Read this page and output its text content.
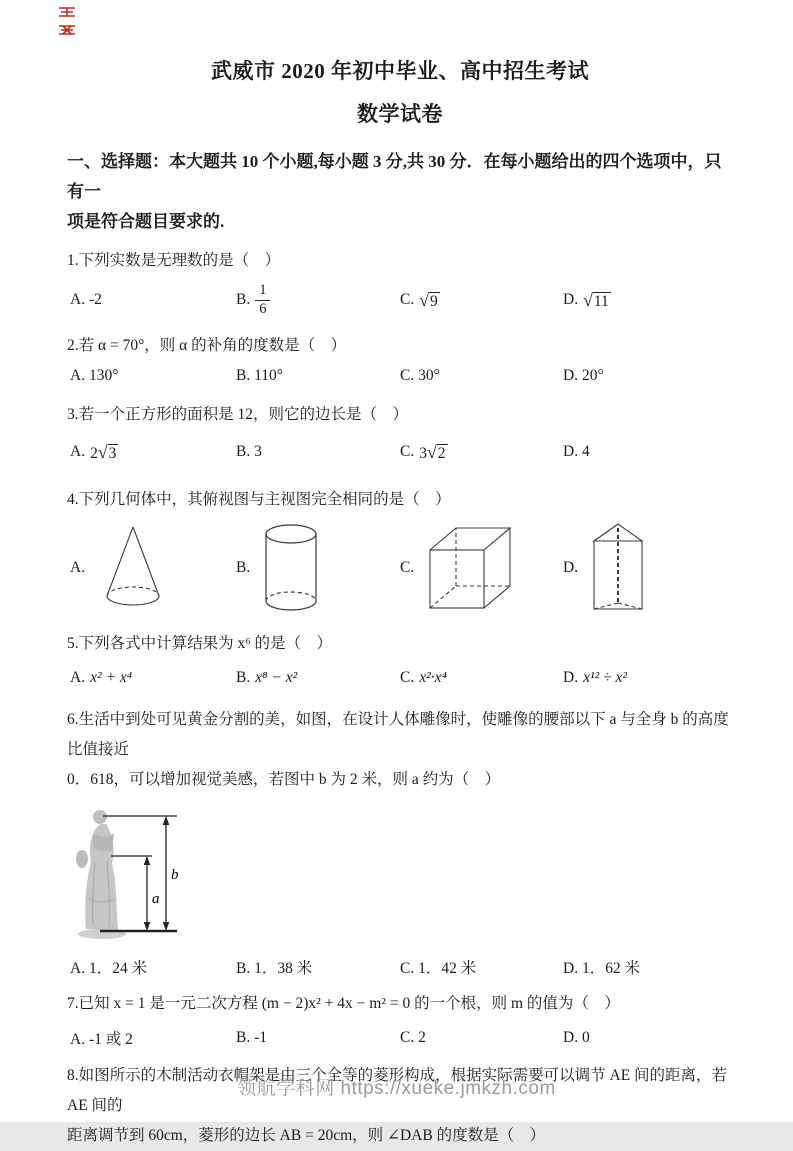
武威市 2020 年初中毕业、高中招生考试
数学试卷
一、选择题：本大题共 10 个小题,每小题 3 分,共 30 分．在每小题给出的四个选项中，只有一
项是符合题目要求的.

1.下列实数是无理数的是（　）

A. -2	B. $\frac{1}{6}$	C. √9	D. √11

2.若 α = 70°，则 α 的补角的度数是（　）

A. 130°	B. 110°	C. 30°	D. 20°

3.若一个正方形的面积是 12，则它的边长是（　）

A. 2√3	B. 3	C. 3√2	D. 4

4.下列几何体中，其俯视图与主视图完全相同的是（　）

A.	B.	C.	D.

5.下列各式中计算结果为 x⁶ 的是（　）

A. x² + x⁴	B. x⁸ − x²	C. x²·x⁴	D. x¹² ÷ x²
6.生活中到处可见黄金分割的美，如图，在设计人体雕像时，使雕像的腰部以下 a 与全身 b 的高度比值接近
0．618，可以增加视觉美感，若图中 b 为 2 米，则 a 约为（　）
b
a
A. 1．24 米	B. 1．38 米	C. 1．42 米	D. 1．62 米

7.已知 x = 1 是一元二次方程 (m − 2)x² + 4x − m² = 0 的一个根，则 m 的值为（　）

A. -1 或 2	B. -1	C. 2	D. 0
8.如图所示的木制活动衣帽架是由三个全等的菱形构成，根据实际需要可以调节 AE 间的距离，若 AE 间的
距离调节到 60cm，菱形的边长 AB = 20cm，则 ∠DAB 的度数是（　）
领航学科网 https://xueke.jmkzh.com
